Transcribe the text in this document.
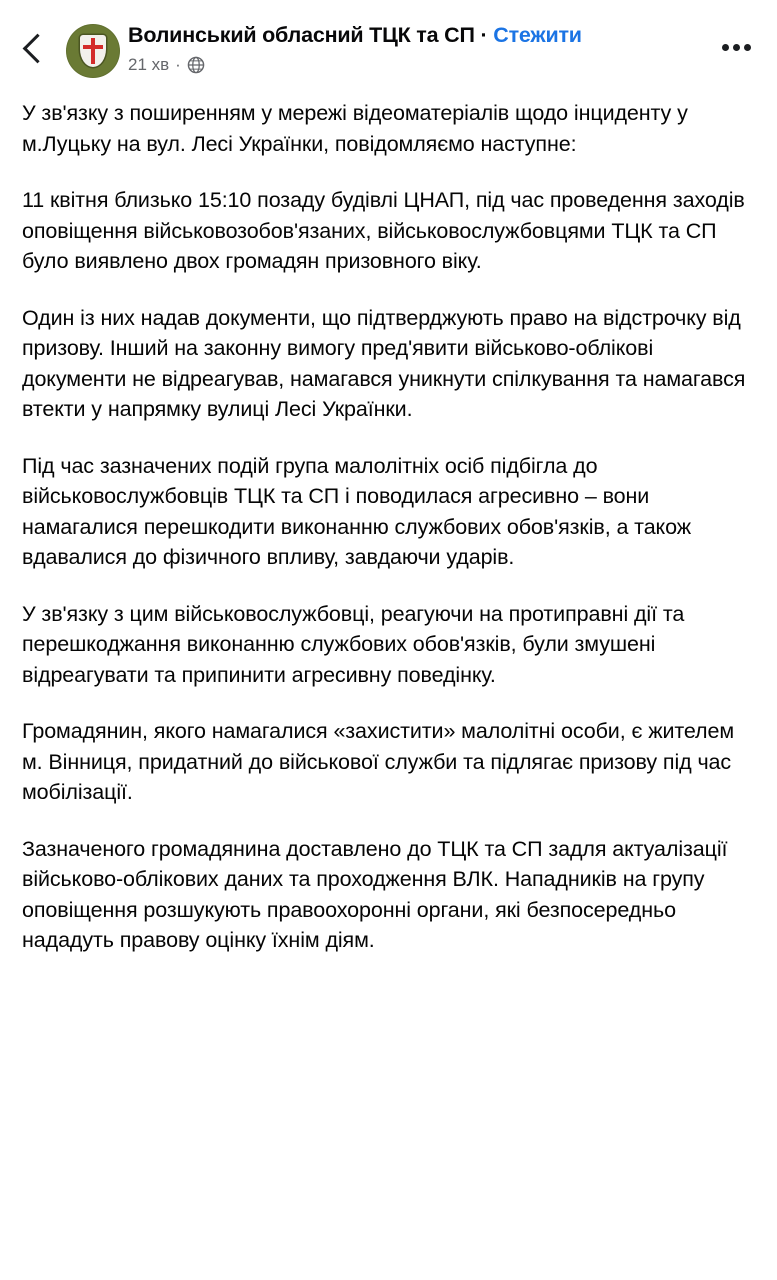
Волинський обласний ТЦК та СП · Стежити
21 хв ·

У зв'язку з поширенням у мережі відеоматеріалів щодо інциденту у м.Луцьку на вул. Лесі Українки, повідомляємо наступне:

11 квітня близько 15:10 позаду будівлі ЦНАП, під час проведення заходів оповіщення військовозобов'язаних, військовослужбовцями ТЦК та СП було виявлено двох громадян призовного віку.

Один із них надав документи, що підтверджують право на відстрочку від призову. Інший на законну вимогу пред'явити військово-облікові документи не відреагував, намагався уникнути спілкування та намагався втекти у напрямку вулиці Лесі Українки.

Під час зазначених подій група малолітніх осіб підбігла до військовослужбовців ТЦК та СП і поводилася агресивно – вони намагалися перешкодити виконанню службових обов'язків, а також вдавалися до фізичного впливу, завдаючи ударів.

У зв'язку з цим військовослужбовці, реагуючи на протиправні дії та перешкоджання виконанню службових обов'язків, були змушені відреагувати та припинити агресивну поведінку.

Громадянин, якого намагалися «захистити» малолітні особи, є жителем м. Вінниця, придатний до військової служби та підлягає призову під час мобілізації.

Зазначеного громадянина доставлено до ТЦК та СП задля актуалізації військово-облікових даних та проходження ВЛК. Нападників на групу оповіщення розшукують правоохоронні органи, які безпосередньо нададуть правову оцінку їхнім діям.
